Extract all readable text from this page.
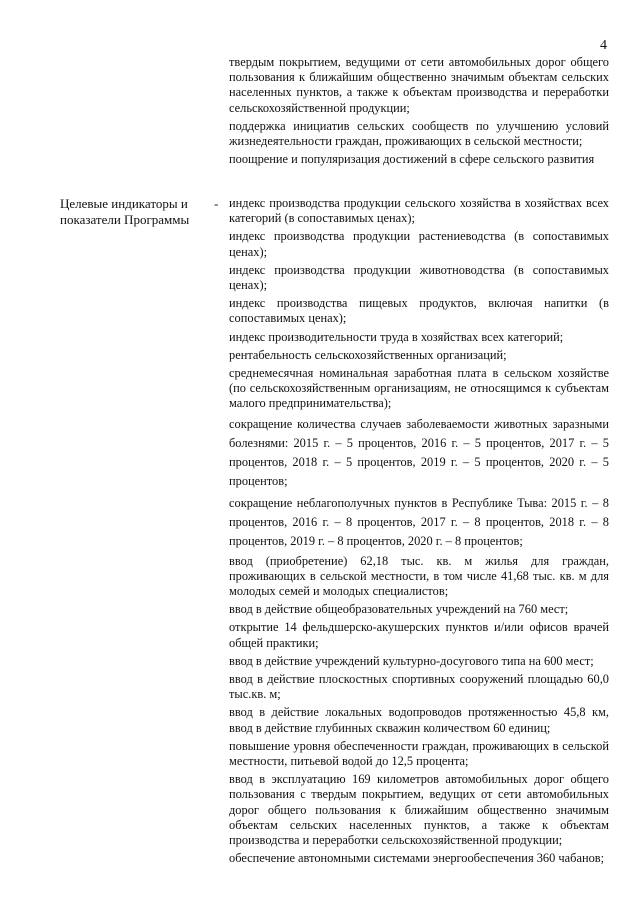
4

твердым покрытием, ведущими от сети автомобильных дорог общего пользования к ближайшим общественно значимым объектам сельских населенных пунктов, а также к объектам производства и переработки сельскохозяйственной продукции;

поддержка инициатив сельских сообществ по улучшению условий жизнедеятельности граждан, проживающих в сельской местности;

поощрение и популяризация достижений в сфере сельского развития

Целевые индикаторы и показатели Программы
- индекс производства продукции сельского хозяйства в хозяйствах всех категорий (в сопоставимых ценах);

индекс производства продукции растениеводства (в сопоставимых ценах);

индекс производства продукции животноводства (в сопоставимых ценах);

индекс производства пищевых продуктов, включая напитки (в сопоставимых ценах);

индекс производительности труда в хозяйствах всех категорий;

рентабельность сельскохозяйственных организаций;

среднемесячная номинальная заработная плата в сельском хозяйстве (по сельскохозяйственным организациям, не относящимся к субъектам малого предпринимательства);

сокращение количества случаев заболеваемости животных заразными болезнями: 2015 г. – 5 процентов, 2016 г. – 5 процентов, 2017 г. – 5 процентов, 2018 г. – 5 процентов, 2019 г. – 5 процентов, 2020 г. – 5 процентов;

сокращение неблагополучных пунктов в Республике Тыва: 2015 г. – 8 процентов, 2016 г. – 8 процентов, 2017 г. – 8 процентов, 2018 г. – 8 процентов, 2019 г. – 8 процентов, 2020 г. – 8 процентов;

ввод (приобретение) 62,18 тыс. кв. м жилья для граждан, проживающих в сельской местности, в том числе 41,68 тыс. кв. м для молодых семей и молодых специалистов;

ввод в действие общеобразовательных учреждений на 760 мест;

открытие 14 фельдшерско-акушерских пунктов и/или офисов врачей общей практики;

ввод в действие учреждений культурно-досугового типа на 600 мест;

ввод в действие плоскостных спортивных сооружений площадью 60,0 тыс.кв. м;

ввод в действие локальных водопроводов протяженностью 45,8 км, ввод в действие глубинных скважин количеством 60 единиц;

повышение уровня обеспеченности граждан, проживающих в сельской местности, питьевой водой до 12,5 процента;

ввод в эксплуатацию 169 километров автомобильных дорог общего пользования с твердым покрытием, ведущих от сети автомобильных дорог общего пользования к ближайшим общественно значимым объектам сельских населенных пунктов, а также к объектам производства и переработки сельскохозяйственной продукции;

обеспечение автономными системами энергообеспечения 360 чабанов;
